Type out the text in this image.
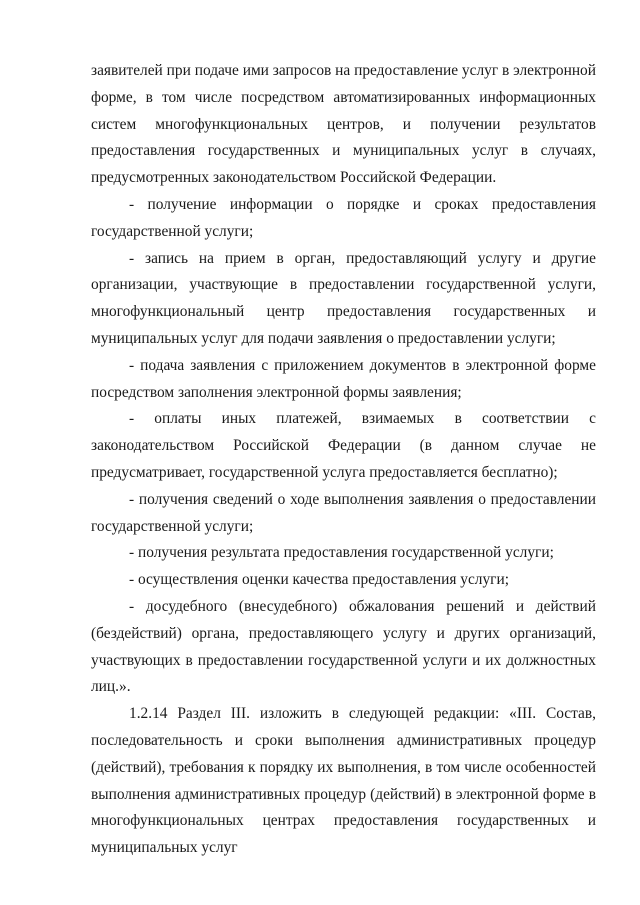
заявителей при подаче ими запросов на предоставление услуг в электронной форме, в том числе посредством автоматизированных информационных систем многофункциональных центров, и получении результатов предоставления государственных и муниципальных услуг в случаях, предусмотренных законодательством Российской Федерации.

- получение информации о порядке и сроках предоставления государственной услуги;

- запись на прием в орган, предоставляющий услугу и другие организации, участвующие в предоставлении государственной услуги, многофункциональный центр предоставления государственных и муниципальных услуг для подачи заявления о предоставлении услуги;

- подача заявления с приложением документов в электронной форме посредством заполнения электронной формы заявления;

- оплаты иных платежей, взимаемых в соответствии с законодательством Российской Федерации (в данном случае не предусматривает, государственной услуга предоставляется бесплатно);

- получения сведений о ходе выполнения заявления о предоставлении государственной услуги;

- получения результата предоставления государственной услуги;

- осуществления оценки качества предоставления услуги;

- досудебного (внесудебного) обжалования решений и действий (бездействий) органа, предоставляющего услугу и других организаций, участвующих в предоставлении государственной услуги и их должностных лиц.».

1.2.14 Раздел III. изложить в следующей редакции: «III. Состав, последовательность и сроки выполнения административных процедур (действий), требования к порядку их выполнения, в том числе особенностей выполнения административных процедур (действий) в электронной форме в многофункциональных центрах предоставления государственных и муниципальных услуг
